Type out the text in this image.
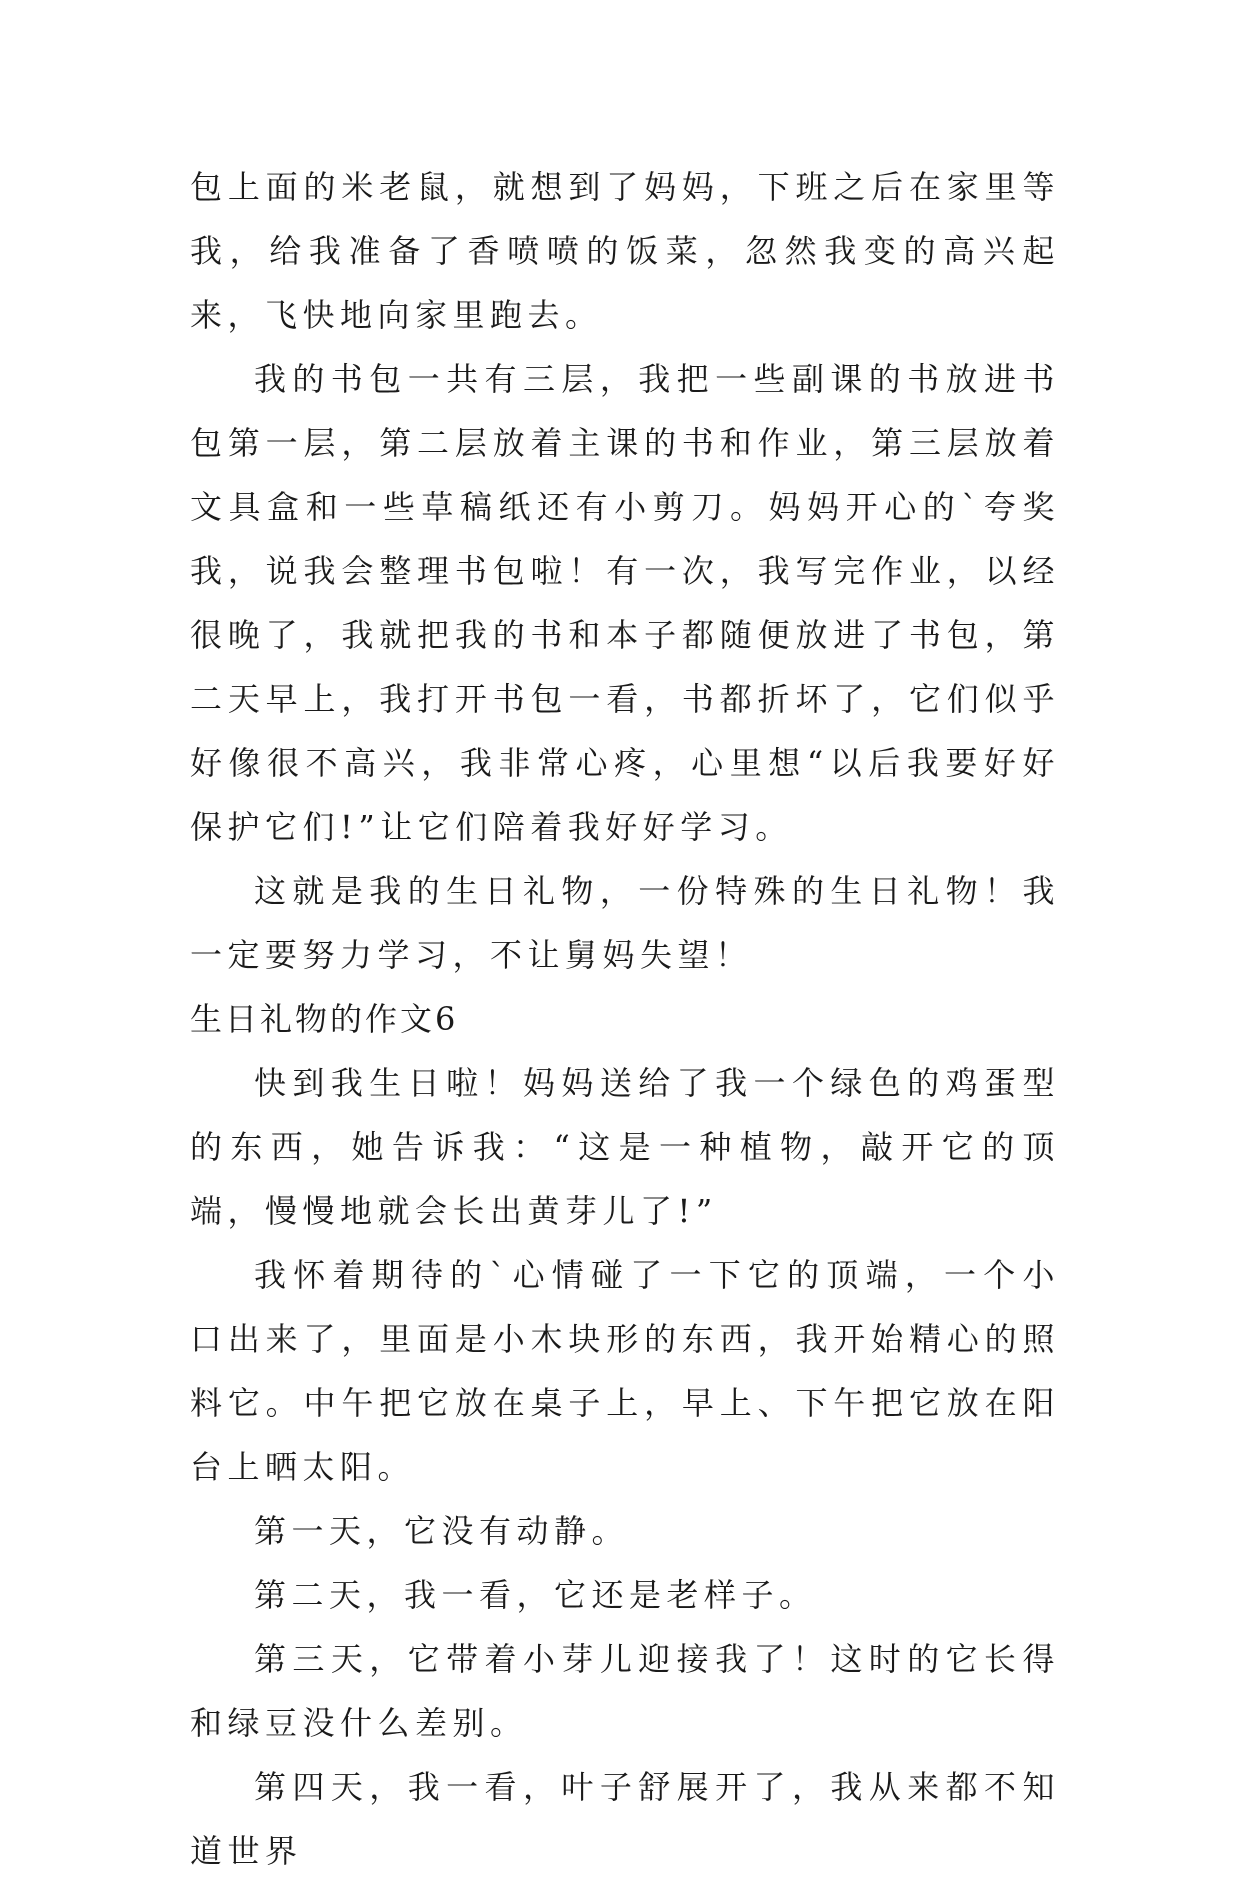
包上面的米老鼠，就想到了妈妈，下班之后在家里等我，给我准备了香喷喷的饭菜，忽然我变的高兴起来，飞快地向家里跑去。

我的书包一共有三层，我把一些副课的书放进书包第一层，第二层放着主课的书和作业，第三层放着文具盒和一些草稿纸还有小剪刀。妈妈开心的`夸奖我，说我会整理书包啦！有一次，我写完作业，以经很晚了，我就把我的书和本子都随便放进了书包，第二天早上，我打开书包一看，书都折坏了，它们似乎好像很不高兴，我非常心疼，心里想“以后我要好好保护它们!”让它们陪着我好好学习。

这就是我的生日礼物，一份特殊的生日礼物！我一定要努力学习，不让舅妈失望！

生日礼物的作文6

快到我生日啦！妈妈送给了我一个绿色的鸡蛋型的东西，她告诉我：“这是一种植物，敲开它的顶端，慢慢地就会长出黄芽儿了!”

我怀着期待的`心情碰了一下它的顶端，一个小口出来了，里面是小木块形的东西，我开始精心的照料它。中午把它放在桌子上，早上、下午把它放在阳台上晒太阳。

第一天，它没有动静。

第二天，我一看，它还是老样子。

第三天，它带着小芽儿迎接我了！这时的它长得和绿豆没什么差别。

第四天，我一看，叶子舒展开了，我从来都不知道世界
